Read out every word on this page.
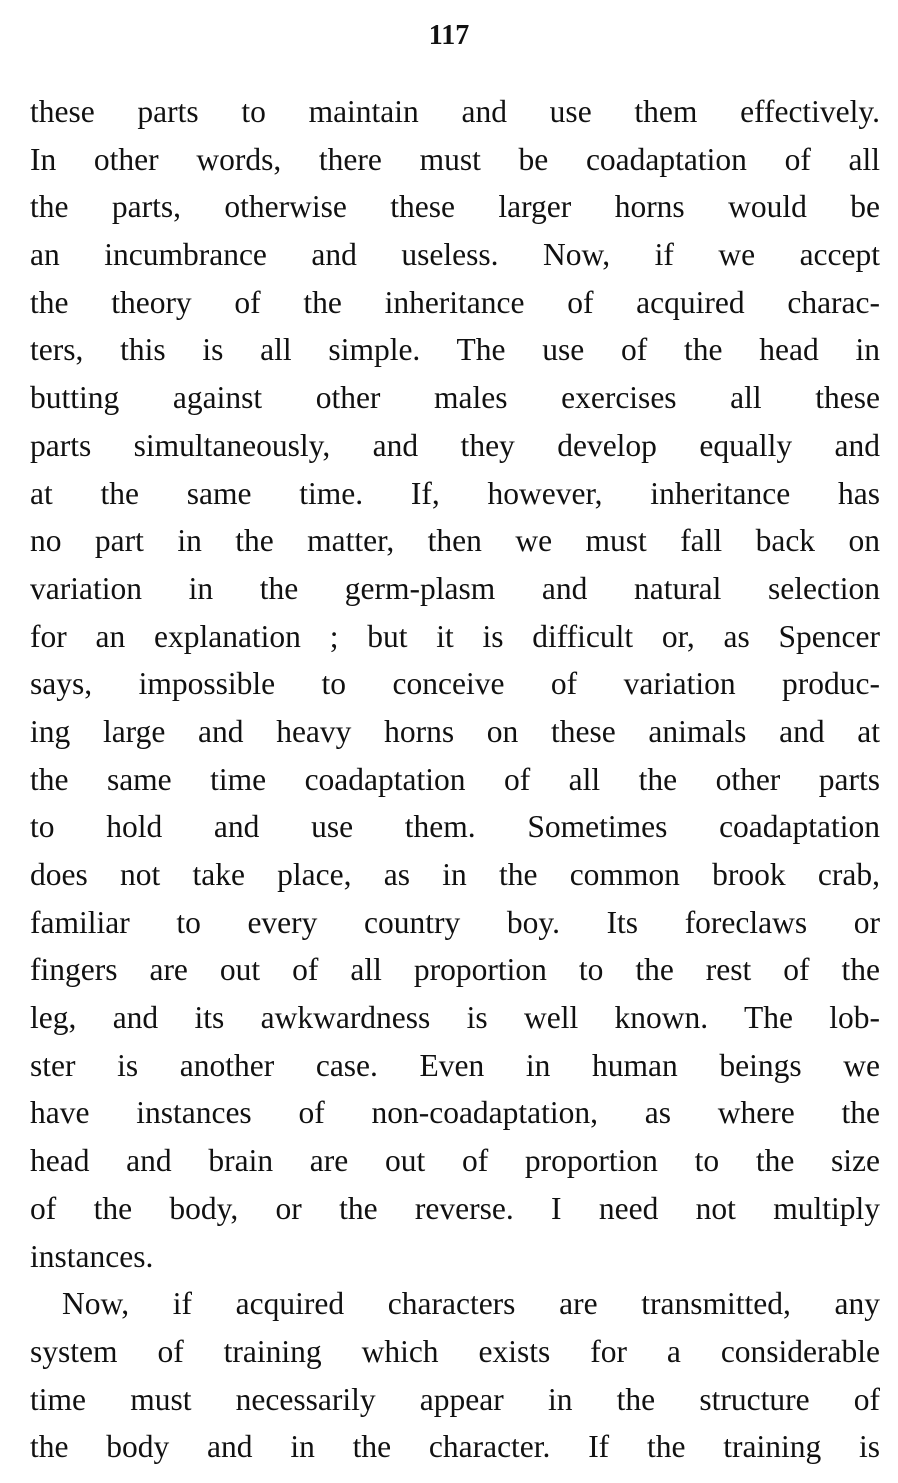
117
these parts to maintain and use them effectively.
In other words, there must be coadaptation of all
the parts, otherwise these larger horns would be
an incumbrance and useless. Now, if we accept
the theory of the inheritance of acquired charac-
ters, this is all simple. The use of the head in
butting against other males exercises all these
parts simultaneously, and they develop equally and
at the same time. If, however, inheritance has
no part in the matter, then we must fall back on
variation in the germ-plasm and natural selection
for an explanation ; but it is difficult or, as Spencer
says, impossible to conceive of variation produc-
ing large and heavy horns on these animals and at
the same time coadaptation of all the other parts
to hold and use them. Sometimes coadaptation
does not take place, as in the common brook crab,
familiar to every country boy. Its foreclaws or
fingers are out of all proportion to the rest of the
leg, and its awkwardness is well known. The lob-
ster is another case. Even in human beings we
have instances of non-coadaptation, as where the
head and brain are out of proportion to the size
of the body, or the reverse. I need not multiply
instances.
Now, if acquired characters are transmitted, any
system of training which exists for a considerable
time must necessarily appear in the structure of
the body and in the character. If the training is
